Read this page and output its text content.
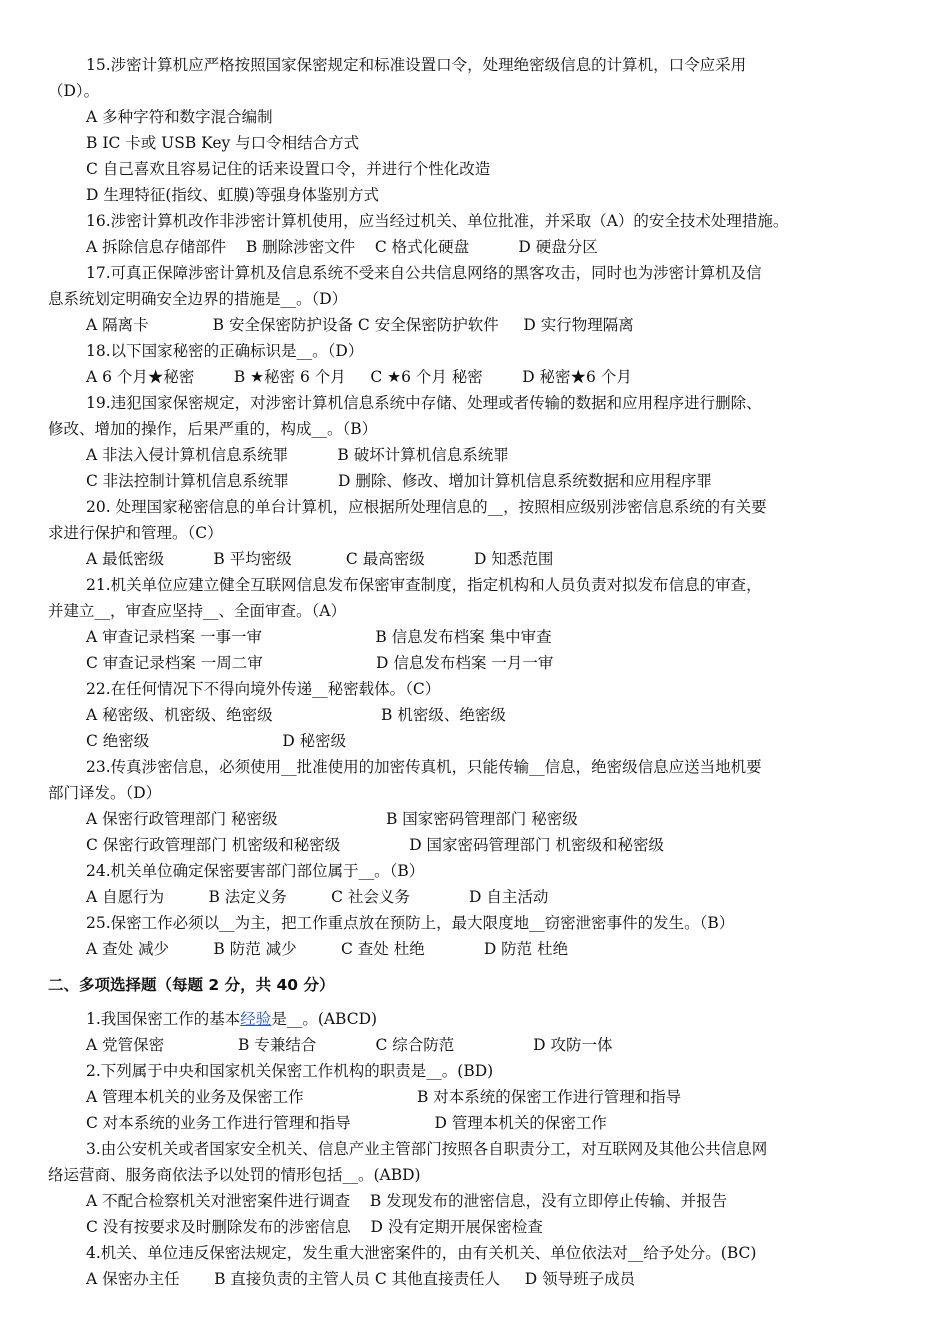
15.涉密计算机应严格按照国家保密规定和标准设置口令，处理绝密级信息的计算机，口令应采用
（D）。
A 多种字符和数字混合编制
B IC 卡或 USB Key 与口令相结合方式
C 自己喜欢且容易记住的话来设置口令，并进行个性化改造
D 生理特征(指纹、虹膜)等强身体鉴别方式
16.涉密计算机改作非涉密计算机使用，应当经过机关、单位批准，并采取（A）的安全技术处理措施。
A 拆除信息存储部件    B 删除涉密文件    C 格式化硬盘          D 硬盘分区
17.可真正保障涉密计算机及信息系统不受来自公共信息网络的黑客攻击，同时也为涉密计算机及信
息系统划定明确安全边界的措施是__。（D）
A 隔离卡             B 安全保密防护设备 C 安全保密防护软件     D 实行物理隔离
18.以下国家秘密的正确标识是__。（D）
A 6 个月★秘密        B ★秘密 6 个月     C ★6 个月 秘密        D 秘密★6 个月
19.违犯国家保密规定，对涉密计算机信息系统中存储、处理或者传输的数据和应用程序进行删除、
修改、增加的操作，后果严重的，构成__。（B）
A 非法入侵计算机信息系统罪          B 破坏计算机信息系统罪
C 非法控制计算机信息系统罪          D 删除、修改、增加计算机信息系统数据和应用程序罪
20. 处理国家秘密信息的单台计算机，应根据所处理信息的__，按照相应级别涉密信息系统的有关要
求进行保护和管理。（C）
A 最低密级          B 平均密级           C 最高密级          D 知悉范围
21.机关单位应建立健全互联网信息发布保密审查制度，指定机构和人员负责对拟发布信息的审查，
并建立__，审查应坚持__、全面审查。（A）
A 审查记录档案 一事一审                       B 信息发布档案 集中审查
C 审查记录档案 一周二审                       D 信息发布档案 一月一审
22.在任何情况下不得向境外传递__秘密载体。（C）
A 秘密级、机密级、绝密级                      B 机密级、绝密级
C 绝密级                           D 秘密级
23.传真涉密信息，必须使用__批准使用的加密传真机，只能传输__信息，绝密级信息应送当地机要
部门译发。（D）
A 保密行政管理部门 秘密级                      B 国家密码管理部门 秘密级
C 保密行政管理部门 机密级和秘密级              D 国家密码管理部门 机密级和秘密级
24.机关单位确定保密要害部门部位属于__。（B）
A 自愿行为         B 法定义务         C 社会义务            D 自主活动
25.保密工作必须以__为主，把工作重点放在预防上，最大限度地__窃密泄密事件的发生。（B）
A 查处 减少         B 防范 减少         C 查处 杜绝            D 防范 杜绝
A 党管保密               B 专兼结合            C 综合防范                D 攻防一体
2.下列属于中央和国家机关保密工作机构的职责是__。(BD)
A 管理本机关的业务及保密工作                       B 对本系统的保密工作进行管理和指导
C 对本系统的业务工作进行管理和指导                 D 管理本机关的保密工作
3.由公安机关或者国家安全机关、信息产业主管部门按照各自职责分工，对互联网及其他公共信息网
络运营商、服务商依法予以处罚的情形包括__。(ABD)
A 不配合检察机关对泄密案件进行调查    B 发现发布的泄密信息，没有立即停止传输、并报告
C 没有按要求及时删除发布的涉密信息    D 没有定期开展保密检查
4.机关、单位违反保密法规定，发生重大泄密案件的，由有关机关、单位依法对__给予处分。(BC)
A 保密办主任       B 直接负责的主管人员 C 其他直接责任人     D 领导班子成员
二、多项选择题（每题 2 分，共 40 分）
1.我国保密工作的基本经验是__。(ABCD)
